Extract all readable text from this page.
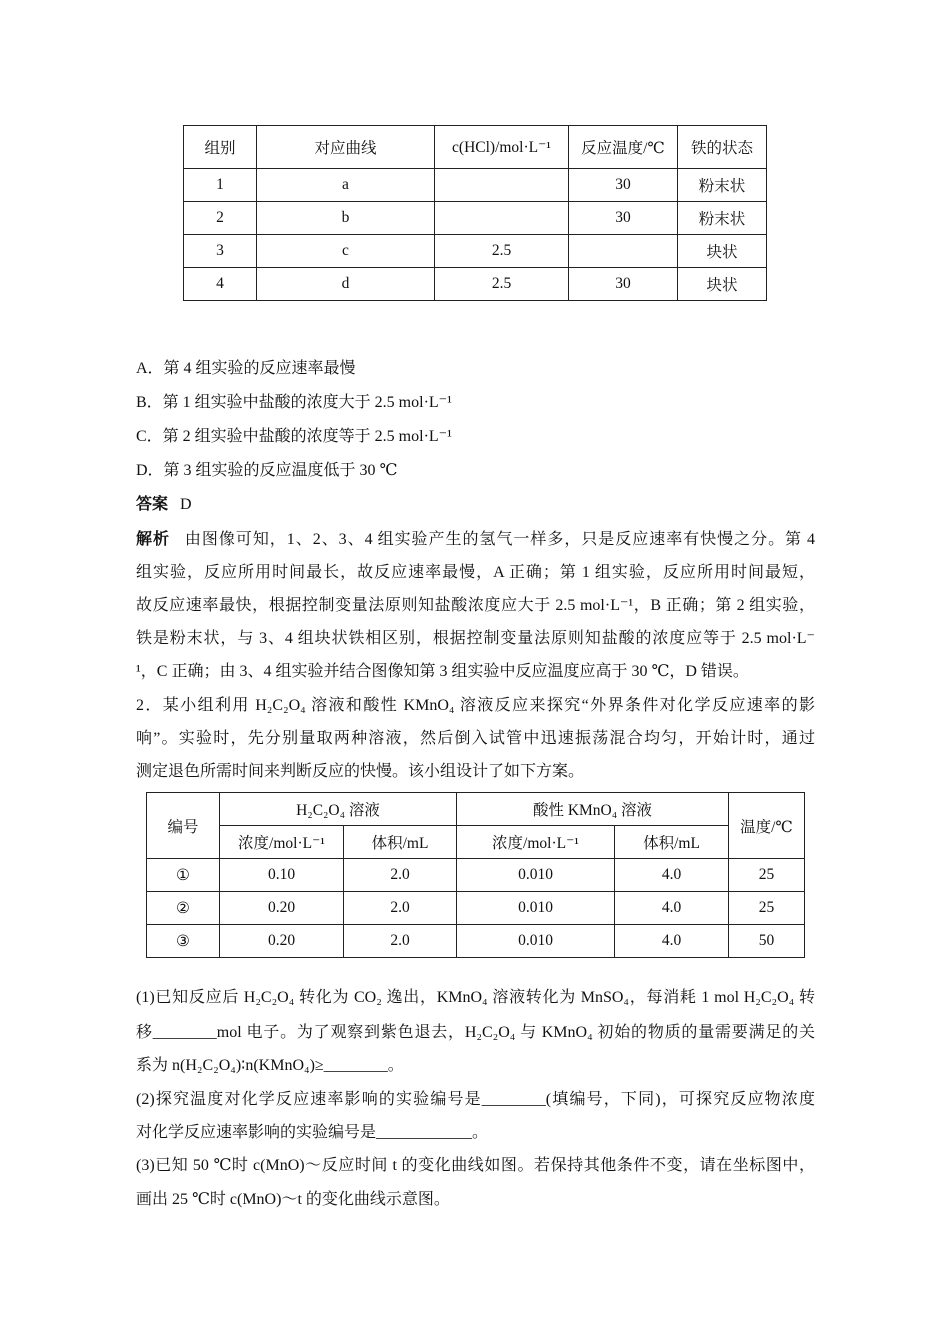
组别	对应曲线	c(HCl)/mol·L⁻¹	反应温度/℃	铁的状态
1	a		30	粉末状
2	b		30	粉末状
3	c	2.5		块状
4	d	2.5	30	块状
A．第 4 组实验的反应速率最慢
B．第 1 组实验中盐酸的浓度大于 2.5 mol·L⁻¹
C．第 2 组实验中盐酸的浓度等于 2.5 mol·L⁻¹
D．第 3 组实验的反应温度低于 30 ℃
答案 D
解析 由图像可知，1、2、3、4 组实验产生的氢气一样多，只是反应速率有快慢之分。第 4
组实验，反应所用时间最长，故反应速率最慢，A 正确；第 1 组实验，反应所用时间最短，
故反应速率最快，根据控制变量法原则知盐酸浓度应大于 2.5 mol·L⁻¹，B 正确；第 2 组实验，
铁是粉末状，与 3、4 组块状铁相区别，根据控制变量法原则知盐酸的浓度应等于 2.5 mol·L⁻
¹，C 正确；由 3、4 组实验并结合图像知第 3 组实验中反应温度应高于 30 ℃，D 错误。
2．某小组利用 H₂C₂O₄ 溶液和酸性 KMnO₄ 溶液反应来探究“外界条件对化学反应速率的影
响”。实验时，先分别量取两种溶液，然后倒入试管中迅速振荡混合均匀，开始计时，通过
测定退色所需时间来判断反应的快慢。该小组设计了如下方案。
编号	H₂C₂O₄ 溶液		酸性 KMnO₄ 溶液		温度/℃
	浓度/mol·L⁻¹	体积/mL	浓度/mol·L⁻¹	体积/mL	
①	0.10	2.0	0.010	4.0	25
②	0.20	2.0	0.010	4.0	25
③	0.20	2.0	0.010	4.0	50
(1)已知反应后 H₂C₂O₄ 转化为 CO₂ 逸出，KMnO₄ 溶液转化为 MnSO₄，每消耗 1 mol H₂C₂O₄ 转
移________mol 电子。为了观察到紫色退去，H₂C₂O₄ 与 KMnO₄ 初始的物质的量需要满足的关
系为 n(H₂C₂O₄)∶n(KMnO₄)≥________。
(2)探究温度对化学反应速率影响的实验编号是________(填编号，下同)，可探究反应物浓度
对化学反应速率影响的实验编号是____________。
(3)已知 50 ℃时 c(MnO)～反应时间 t 的变化曲线如图。若保持其他条件不变，请在坐标图中，
画出 25 ℃时 c(MnO)～t 的变化曲线示意图。
